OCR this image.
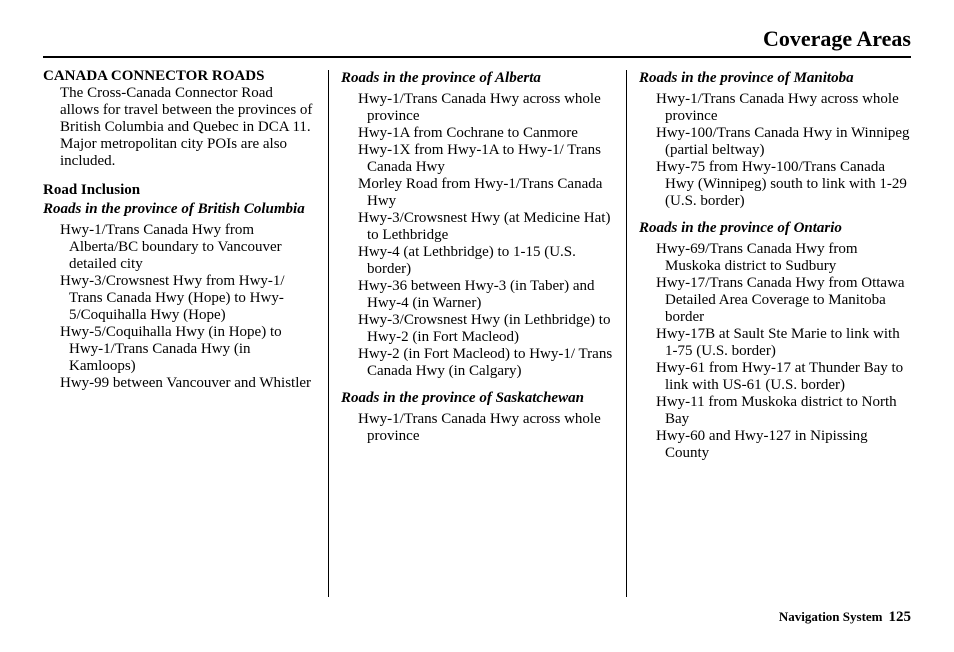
Coverage Areas
CANADA CONNECTOR ROADS
The Cross-Canada Connector Road allows for travel between the provinces of British Columbia and Quebec in DCA 11. Major metropolitan city POIs are also included.
Road Inclusion
Roads in the province of British Columbia
Hwy-1/Trans Canada Hwy from Alberta/BC boundary to Vancouver detailed city
Hwy-3/Crowsnest Hwy from Hwy-1/ Trans Canada Hwy (Hope) to Hwy-5/Coquihalla Hwy (Hope)
Hwy-5/Coquihalla Hwy (in Hope) to Hwy-1/Trans Canada Hwy (in Kamloops)
Hwy-99 between Vancouver and Whistler
Roads in the province of Alberta
Hwy-1/Trans Canada Hwy across whole province
Hwy-1A from Cochrane to Canmore
Hwy-1X from Hwy-1A to Hwy-1/ Trans Canada Hwy
Morley Road from Hwy-1/Trans Canada Hwy
Hwy-3/Crowsnest Hwy (at Medicine Hat) to Lethbridge
Hwy-4 (at Lethbridge) to 1-15 (U.S. border)
Hwy-36 between Hwy-3 (in Taber) and Hwy-4 (in Warner)
Hwy-3/Crowsnest Hwy (in Lethbridge) to Hwy-2 (in Fort Macleod)
Hwy-2 (in Fort Macleod) to Hwy-1/ Trans Canada Hwy (in Calgary)
Roads in the province of Saskatchewan
Hwy-1/Trans Canada Hwy across whole province
Roads in the province of Manitoba
Hwy-1/Trans Canada Hwy across whole province
Hwy-100/Trans Canada Hwy in Winnipeg (partial beltway)
Hwy-75 from Hwy-100/Trans Canada Hwy (Winnipeg) south to link with 1-29 (U.S. border)
Roads in the province of Ontario
Hwy-69/Trans Canada Hwy from Muskoka district to Sudbury
Hwy-17/Trans Canada Hwy from Ottawa Detailed Area Coverage to Manitoba border
Hwy-17B at Sault Ste Marie to link with 1-75 (U.S. border)
Hwy-61 from Hwy-17 at Thunder Bay to link with US-61 (U.S. border)
Hwy-11 from Muskoka district to North Bay
Hwy-60 and Hwy-127 in Nipissing County
Navigation System 125
